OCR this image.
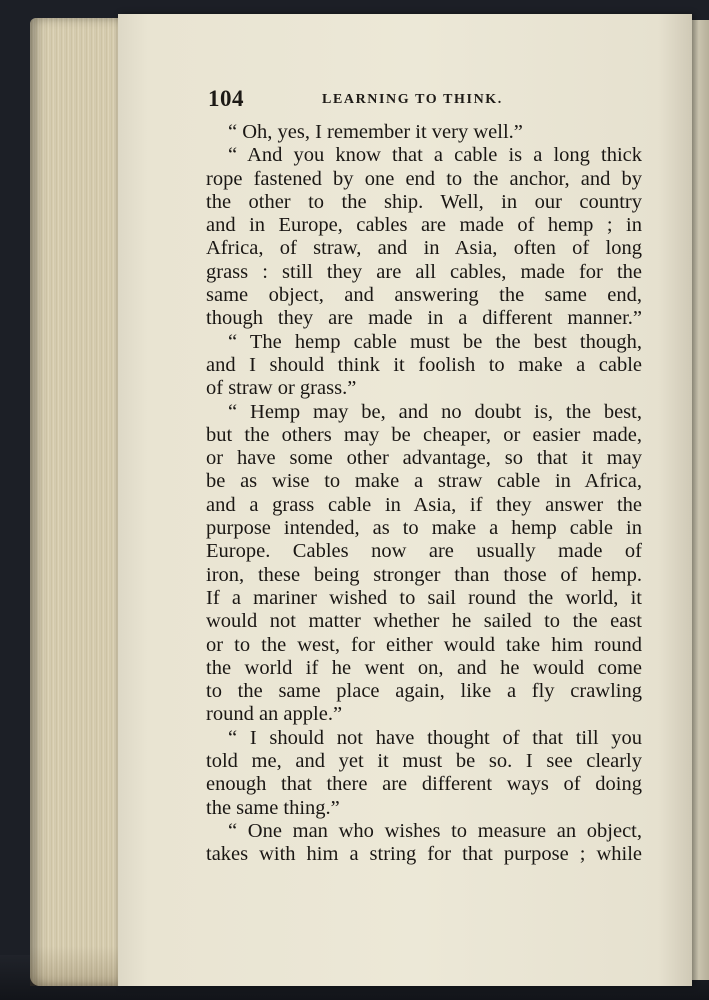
104	LEARNING TO THINK.
“ Oh, yes, I remember it very well.”
“ And you know that a cable is a long thick
rope fastened by one end to the anchor, and by
the other to the ship. Well, in our country
and in Europe, cables are made of hemp ; in
Africa, of straw, and in Asia, often of long
grass : still they are all cables, made for the
same object, and answering the same end,
though they are made in a different manner.”
“ The hemp cable must be the best though,
and I should think it foolish to make a cable
of straw or grass.”
“ Hemp may be, and no doubt is, the best,
but the others may be cheaper, or easier made,
or have some other advantage, so that it may
be as wise to make a straw cable in Africa,
and a grass cable in Asia, if they answer the
purpose intended, as to make a hemp cable in
Europe. Cables now are usually made of
iron, these being stronger than those of hemp.
If a mariner wished to sail round the world, it
would not matter whether he sailed to the east
or to the west, for either would take him round
the world if he went on, and he would come
to the same place again, like a fly crawling
round an apple.”
“ I should not have thought of that till you
told me, and yet it must be so. I see clearly
enough that there are different ways of doing
the same thing.”
“ One man who wishes to measure an object,
takes with him a string for that purpose ; while
